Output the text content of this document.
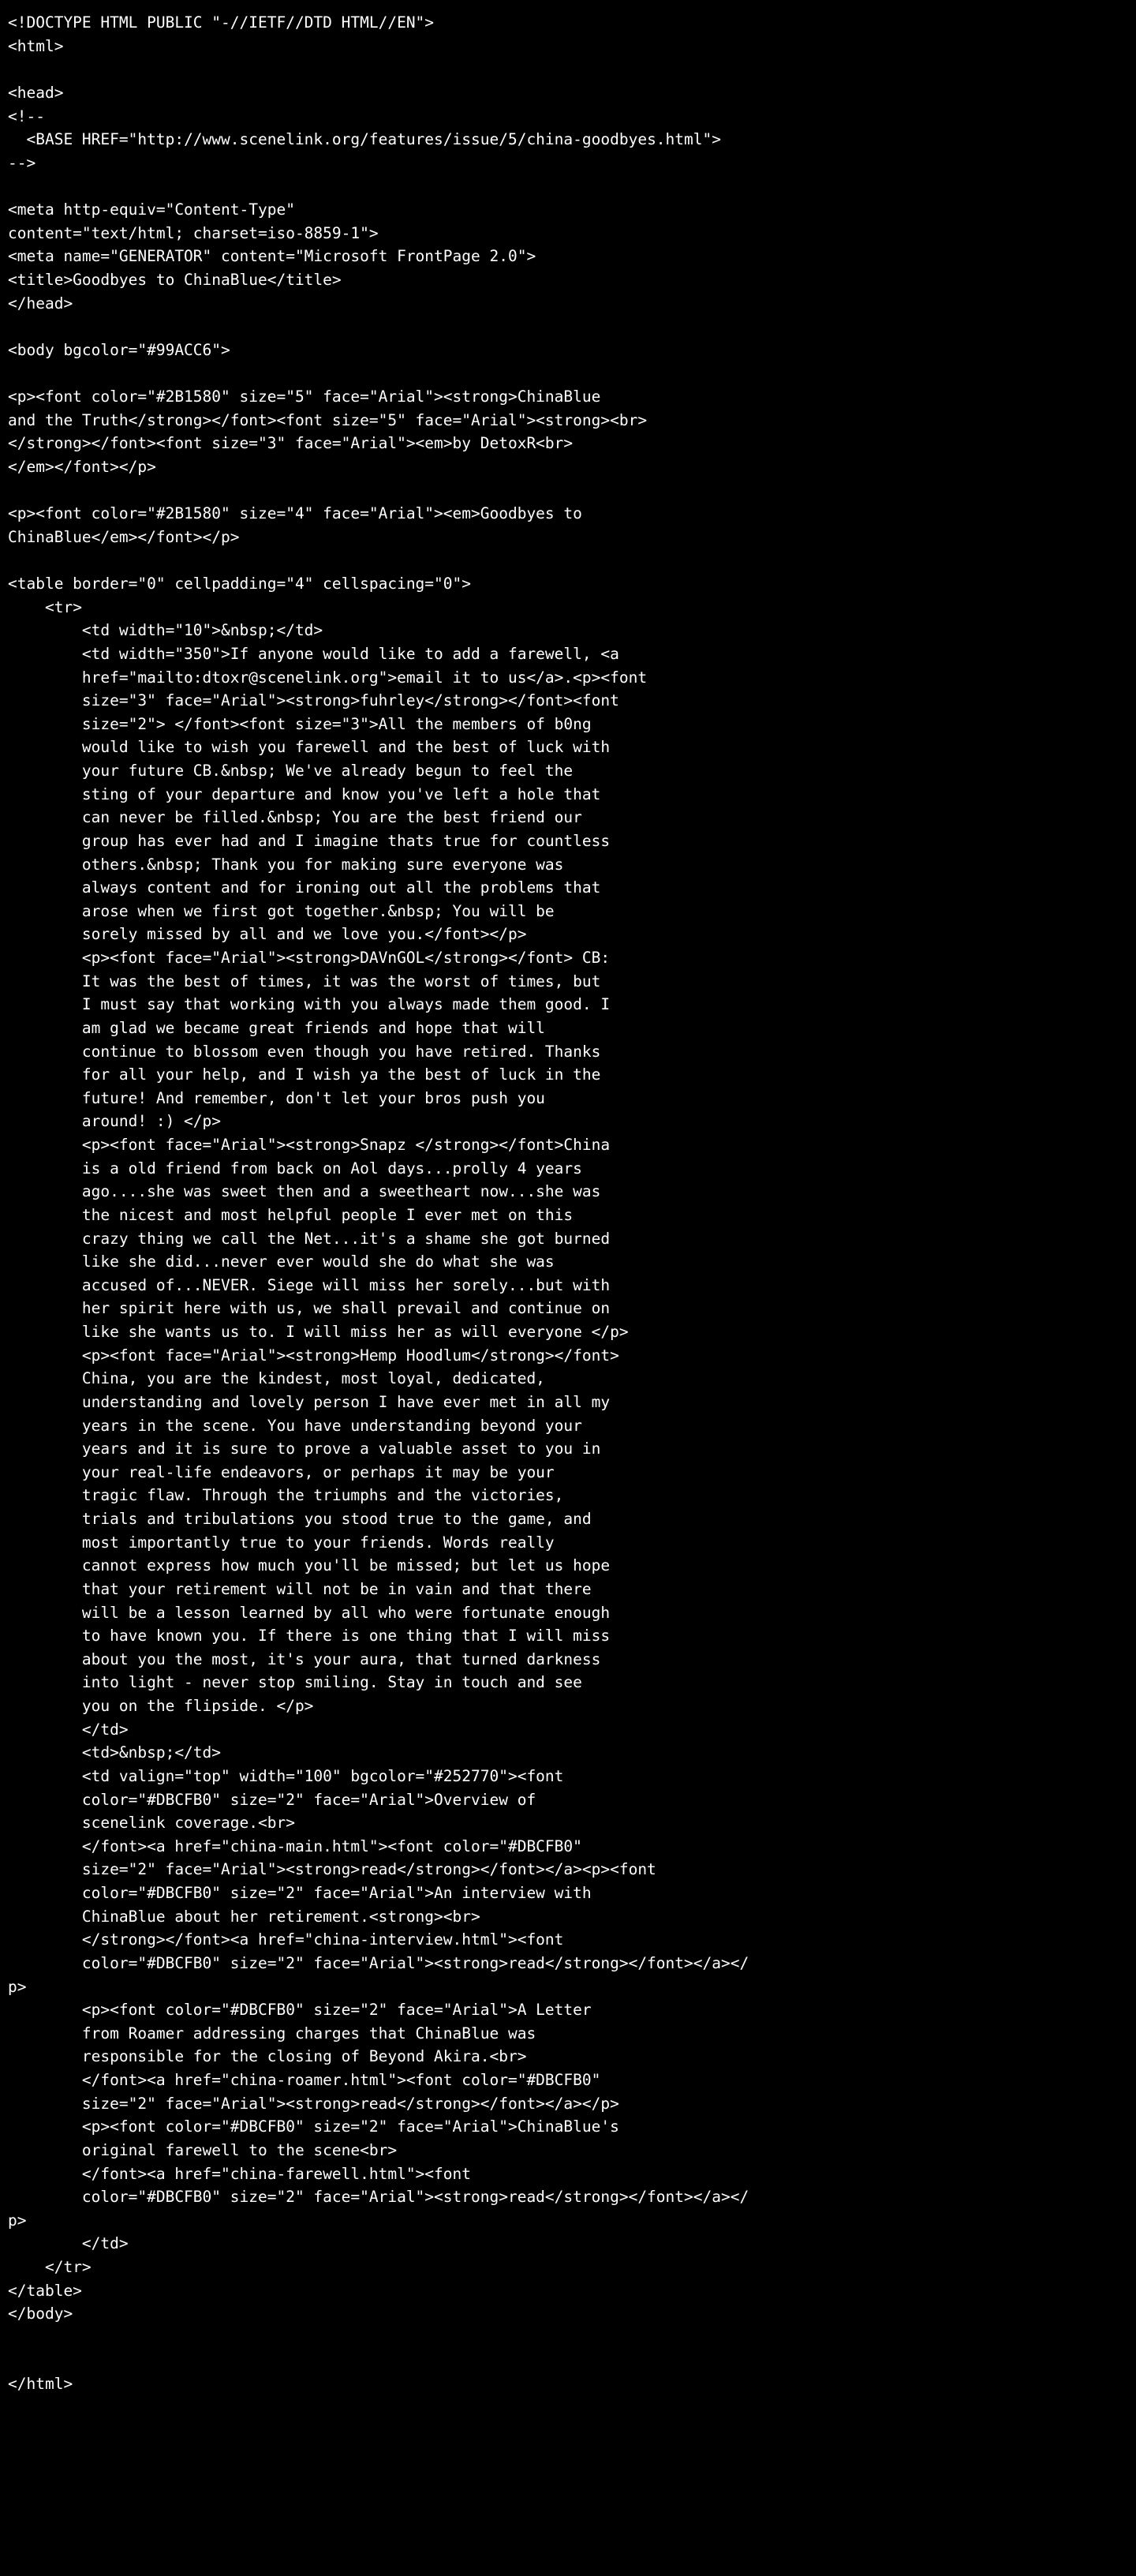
<!DOCTYPE HTML PUBLIC "-//IETF//DTD HTML//EN">
<html>

<head>
<!--
<BASE HREF="http://www.scenelink.org/features/issue/5/china-goodbyes.html">
-->

<meta http-equiv="Content-Type"
content="text/html; charset=iso-8859-1">
<meta name="GENERATOR" content="Microsoft FrontPage 2.0">
<title>Goodbyes to ChinaBlue</title>
</head>

<body bgcolor="#99ACC6">

<p><font color="#2B1580" size="5" face="Arial"><strong>ChinaBlue
and the Truth</strong></font><font size="5" face="Arial"><strong><br>
</strong></font><font size="3" face="Arial"><em>by DetoxR<br>
</em></font></p>

<p><font color="#2B1580" size="4" face="Arial"><em>Goodbyes to
ChinaBlue</em></font></p>

<table border="0" cellpadding="4" cellspacing="0">
<tr>
<td width="10">&nbsp;</td>
<td width="350">If anyone would like to add a farewell, <a
href="mailto:dtoxr@scenelink.org">email it to us</a>.<p><font
size="3" face="Arial"><strong>fuhrley</strong></font><font
size="2"> </font><font size="3">All the members of b0ng
would like to wish you farewell and the best of luck with
your future CB.&nbsp; We've already begun to feel the
sting of your departure and know you've left a hole that
can never be filled.&nbsp; You are the best friend our
group has ever had and I imagine thats true for countless
others.&nbsp; Thank you for making sure everyone was
always content and for ironing out all the problems that
arose when we first got together.&nbsp; You will be
sorely missed by all and we love you.</font></p>
<p><font face="Arial"><strong>DAVnGOL</strong></font> CB:
It was the best of times, it was the worst of times, but
I must say that working with you always made them good. I
am glad we became great friends and hope that will
continue to blossom even though you have retired. Thanks
for all your help, and I wish ya the best of luck in the
future! And remember, don't let your bros push you
around! :) </p>
<p><font face="Arial"><strong>Snapz </strong></font>China
is a old friend from back on Aol days...prolly 4 years
ago....she was sweet then and a sweetheart now...she was
the nicest and most helpful people I ever met on this
crazy thing we call the Net...it's a shame she got burned
like she did...never ever would she do what she was
accused of...NEVER. Siege will miss her sorely...but with
her spirit here with us, we shall prevail and continue on
like she wants us to. I will miss her as will everyone </p>
<p><font face="Arial"><strong>Hemp Hoodlum</strong></font>
China, you are the kindest, most loyal, dedicated,
understanding and lovely person I have ever met in all my
years in the scene. You have understanding beyond your
years and it is sure to prove a valuable asset to you in
your real-life endeavors, or perhaps it may be your
tragic flaw. Through the triumphs and the victories,
trials and tribulations you stood true to the game, and
most importantly true to your friends. Words really
cannot express how much you'll be missed; but let us hope
that your retirement will not be in vain and that there
will be a lesson learned by all who were fortunate enough
to have known you. If there is one thing that I will miss
about you the most, it's your aura, that turned darkness
into light - never stop smiling. Stay in touch and see
you on the flipside. </p>
</td>
<td>&nbsp;</td>
<td valign="top" width="100" bgcolor="#252770"><font
color="#DBCFB0" size="2" face="Arial">Overview of
scenelink coverage.<br>
</font><a href="china-main.html"><font color="#DBCFB0"
size="2" face="Arial"><strong>read</strong></font></a><p><font
color="#DBCFB0" size="2" face="Arial">An interview with
ChinaBlue about her retirement.<strong><br>
</strong></font><a href="china-interview.html"><font
color="#DBCFB0" size="2" face="Arial"><strong>read</strong></font></a></
p>
<p><font color="#DBCFB0" size="2" face="Arial">A Letter
from Roamer addressing charges that ChinaBlue was
responsible for the closing of Beyond Akira.<br>
</font><a href="china-roamer.html"><font color="#DBCFB0"
size="2" face="Arial"><strong>read</strong></font></a></p>
<p><font color="#DBCFB0" size="2" face="Arial">ChinaBlue's
original farewell to the scene<br>
</font><a href="china-farewell.html"><font
color="#DBCFB0" size="2" face="Arial"><strong>read</strong></font></a></
p>
</td>
</tr>
</table>
</body>

</html>
